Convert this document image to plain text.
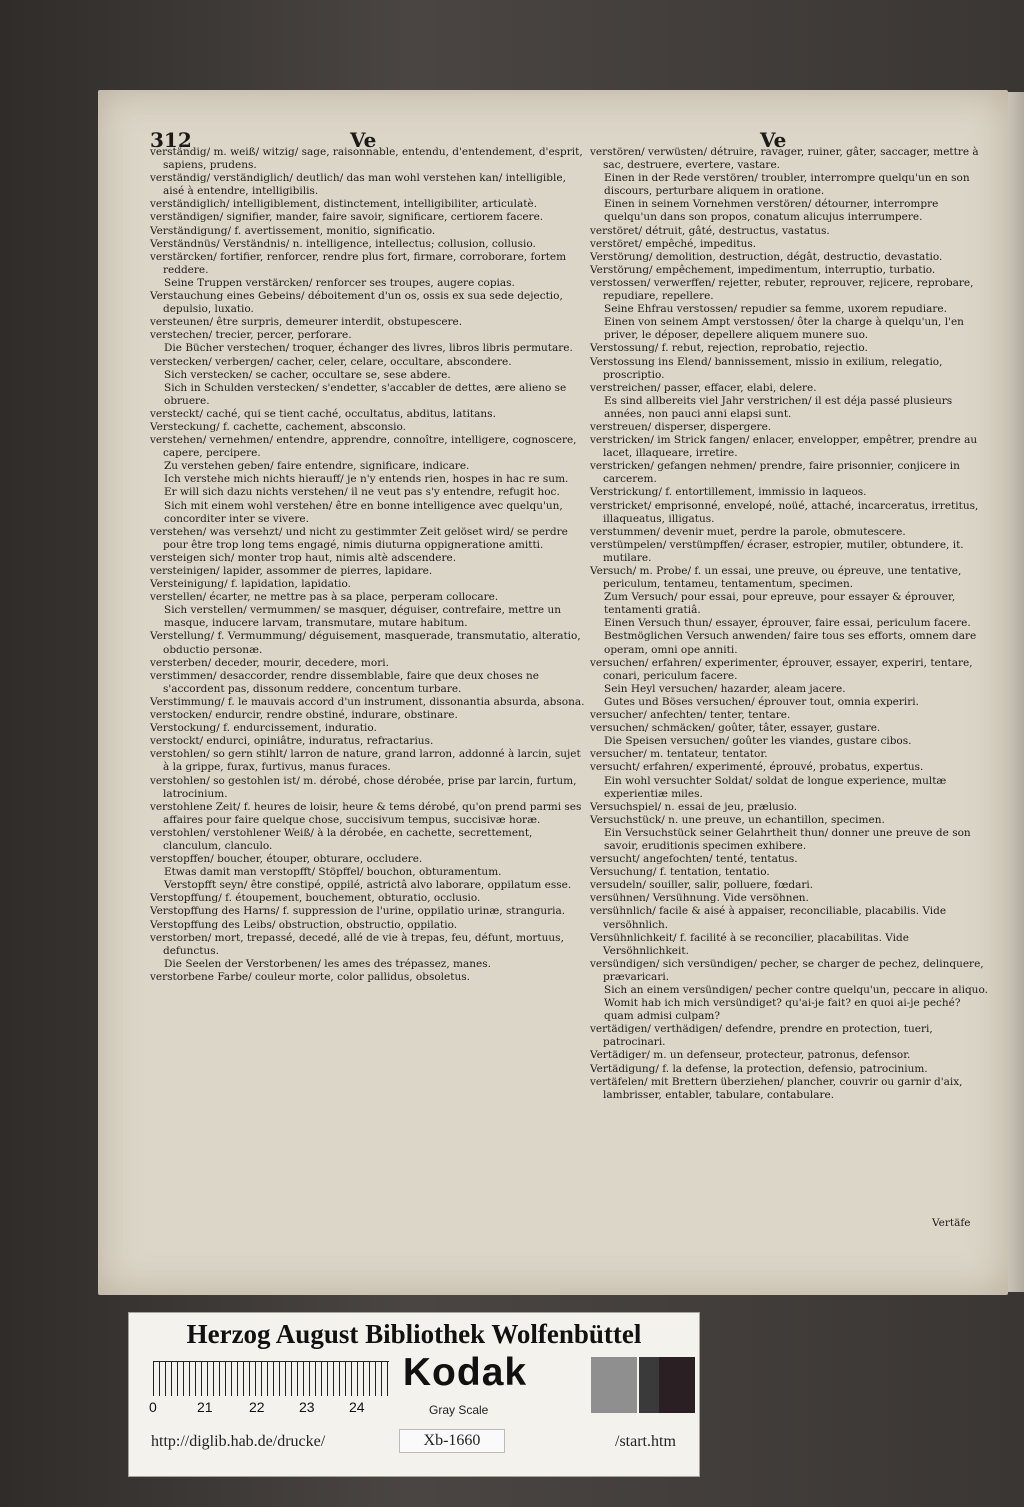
312	Ve	Ve

verständig/ m. weiß/ witzig/ sage, raisonnable, entendu, d'entendement, d'esprit, sapiens, prudens.

verständig/ verständiglich/ deutlich/ das man wohl verstehen kan/ intelligible, aisé à entendre, intelligibilis.

verständiglich/ intelligiblement, distinctement, intelligibiliter, articulatè.

verständigen/ signifier, mander, faire savoir, significare, certiorem facere.

Verständigung/ f. avertissement, monitio, significatio.

Verständnüs/ Verständnis/ n. intelligence, intellectus; collusion, collusio.

verstärcken/ fortifier, renforcer, rendre plus fort, firmare, corroborare, fortem reddere.

Seine Truppen verstärcken/ renforcer ses troupes, augere copias.

Verstauchung eines Gebeins/ déboitement d'un os, ossis ex sua sede dejectio, depulsio, luxatio.

versteunen/ être surpris, demeurer interdit, obstupescere.

verstechen/ trecier, percer, perforare.

Die Bücher verstechen/ troquer, échanger des livres, libros libris permutare.

verstecken/ verbergen/ cacher, celer, celare, occultare, abscondere.

Sich verstecken/ se cacher, occultare se, sese abdere.

Sich in Schulden verstecken/ s'endetter, s'accabler de dettes, ære alieno se obruere.

versteckt/ caché, qui se tient caché, occultatus, abditus, latitans.

Versteckung/ f. cachette, cachement, absconsio.

verstehen/ vernehmen/ entendre, apprendre, connoître, intelligere, cognoscere, capere, percipere.

Zu verstehen geben/ faire entendre, significare, indicare.

Ich verstehe mich nichts hierauff/ je n'y entends rien, hospes in hac re sum.

Er will sich dazu nichts verstehen/ il ne veut pas s'y entendre, refugit hoc.

Sich mit einem wohl verstehen/ être en bonne intelligence avec quelqu'un, concorditer inter se vivere.

verstehen/ was versehzt/ und nicht zu gestimmter Zeit gelöset wird/ se perdre pour être trop long tems engagé, nimis diuturna oppigneratione amitti.

versteigen sich/ monter trop haut, nimis altè adscendere.

versteinigen/ lapider, assommer de pierres, lapidare.

Versteinigung/ f. lapidation, lapidatio.

verstellen/ écarter, ne mettre pas à sa place, perperam collocare.

Sich verstellen/ vermummen/ se masquer, déguiser, contrefaire, mettre un masque, inducere larvam, transmutare, mutare habitum.

Verstellung/ f. Vermummung/ déguisement, masquerade, transmutatio, alteratio, obductio personæ.

versterben/ deceder, mourir, decedere, mori.

verstimmen/ desaccorder, rendre dissemblable, faire que deux choses ne s'accordent pas, dissonum reddere, concentum turbare.

Verstimmung/ f. le mauvais accord d'un instrument, dissonantia absurda, absona.

verstocken/ endurcir, rendre obstiné, indurare, obstinare.

Verstockung/ f. endurcissement, induratio.

verstockt/ endurci, opiniâtre, induratus, refractarius.

verstohlen/ so gern stihlt/ larron de nature, grand larron, addonné à larcin, sujet à la grippe, furax, furtivus, manus furaces.

verstohlen/ so gestohlen ist/ m. dérobé, chose dérobée, prise par larcin, furtum, latrocinium.

verstohlene Zeit/ f. heures de loisir, heure & tems dérobé, qu'on prend parmi ses affaires pour faire quelque chose, succisivum tempus, succisivæ horæ.

verstohlen/ verstohlener Weiß/ à la dérobée, en cachette, secrettement, clanculum, clanculo.

verstopffen/ boucher, étouper, obturare, occludere.

Etwas damit man verstopfft/ Stöpffel/ bouchon, obturamentum.

Verstopfft seyn/ être constipé, oppilé, astrictâ alvo laborare, oppilatum esse.

Verstopffung/ f. étoupement, bouchement, obturatio, occlusio.

Verstopffung des Harns/ f. suppression de l'urine, oppilatio urinæ, stranguria.

Verstopffung des Leibs/ obstruction, obstructio, oppilatio.

verstorben/ mort, trepassé, decedé, allé de vie à trepas, feu, défunt, mortuus, defunctus.

Die Seelen der Verstorbenen/ les ames des trépassez, manes.

verstorbene Farbe/ couleur morte, color pallidus, obsoletus.

verstören/ verwüsten/ détruire, ravager, ruiner, gâter, saccager, mettre à sac, destruere, evertere, vastare.

Einen in der Rede verstören/ troubler, interrompre quelqu'un en son discours, perturbare aliquem in oratione.

Einen in seinem Vornehmen verstören/ détourner, interrompre quelqu'un dans son propos, conatum alicujus interrumpere.

verstöret/ détruit, gâté, destructus, vastatus.

verstöret/ empêché, impeditus.

Verstörung/ demolition, destruction, dégât, destructio, devastatio.

Verstörung/ empêchement, impedimentum, interruptio, turbatio.

verstossen/ verwerffen/ rejetter, rebuter, reprouver, rejicere, reprobare, repudiare, repellere.

Seine Ehfrau verstossen/ repudier sa femme, uxorem repudiare.

Einen von seinem Ampt verstossen/ ôter la charge à quelqu'un, l'en priver, le déposer, depellere aliquem munere suo.

Verstossung/ f. rebut, rejection, reprobatio, rejectio.

Verstossung ins Elend/ bannissement, missio in exilium, relegatio, proscriptio.

verstreichen/ passer, effacer, elabi, delere.

Es sind allbereits viel Jahr verstrichen/ il est déja passé plusieurs années, non pauci anni elapsi sunt.

verstreuen/ disperser, dispergere.

verstricken/ im Strick fangen/ enlacer, envelopper, empêtrer, prendre au lacet, illaqueare, irretire.

verstricken/ gefangen nehmen/ prendre, faire prisonnier, conjicere in carcerem.

Verstrickung/ f. entortillement, immissio in laqueos.

verstricket/ emprisonné, envelopé, noüé, attaché, incarceratus, irretitus, illaqueatus, illigatus.

verstummen/ devenir muet, perdre la parole, obmutescere.

verstümpelen/ verstümpffen/ écraser, estropier, mutiler, obtundere, it. mutilare.

Versuch/ m. Probe/ f. un essai, une preuve, ou épreuve, une tentative, periculum, tentameu, tentamentum, specimen.

Zum Versuch/ pour essai, pour epreuve, pour essayer & éprouver, tentamenti gratiâ.

Einen Versuch thun/ essayer, éprouver, faire essai, periculum facere.

Bestmöglichen Versuch anwenden/ faire tous ses efforts, omnem dare operam, omni ope anniti.

versuchen/ erfahren/ experimenter, éprouver, essayer, experiri, tentare, conari, periculum facere.

Sein Heyl versuchen/ hazarder, aleam jacere.

Gutes und Böses versuchen/ éprouver tout, omnia experiri.

versucher/ anfechten/ tenter, tentare.

versuchen/ schmäcken/ goûter, tâter, essayer, gustare.

Die Speisen versuchen/ goûter les viandes, gustare cibos.

versucher/ m. tentateur, tentator.

versucht/ erfahren/ experimenté, éprouvé, probatus, expertus.

Ein wohl versuchter Soldat/ soldat de longue experience, multæ experientiæ miles.

Versuchspiel/ n. essai de jeu, prælusio.

Versuchstück/ n. une preuve, un echantillon, specimen.

Ein Versuchstück seiner Gelahrtheit thun/ donner une preuve de son savoir, eruditionis specimen exhibere.

versucht/ angefochten/ tenté, tentatus.

Versuchung/ f. tentation, tentatio.

versudeln/ souiller, salir, polluere, fœdari.

versühnen/ Versühnung. Vide versöhnen.

versühnlich/ facile & aisé à appaiser, reconciliable, placabilis. Vide versöhnlich.

Versühnlichkeit/ f. facilité à se reconcilier, placabilitas. Vide Versöhnlichkeit.

versündigen/ sich versündigen/ pecher, se charger de pechez, delinquere, prævaricari.

Sich an einem versündigen/ pecher contre quelqu'un, peccare in aliquo.

Womit hab ich mich versündiget? qu'ai-je fait? en quoi ai-je peché? quam admisi culpam?

vertädigen/ verthädigen/ defendre, prendre en protection, tueri, patrocinari.

Vertädiger/ m. un defenseur, protecteur, patronus, defensor.

Vertädigung/ f. la defense, la protection, defensio, patrocinium.

vertäfelen/ mit Brettern überziehen/ plancher, couvrir ou garnir d'aix, lambrisser, entabler, tabulare, contabulare.

Vertäfe
Herzog August Bibliothek Wolfenbüttel
0	21	22 23 24
Kodak
Gray Scale
http://diglib.hab.de/drucke/	Xb-1660	/start.htm
